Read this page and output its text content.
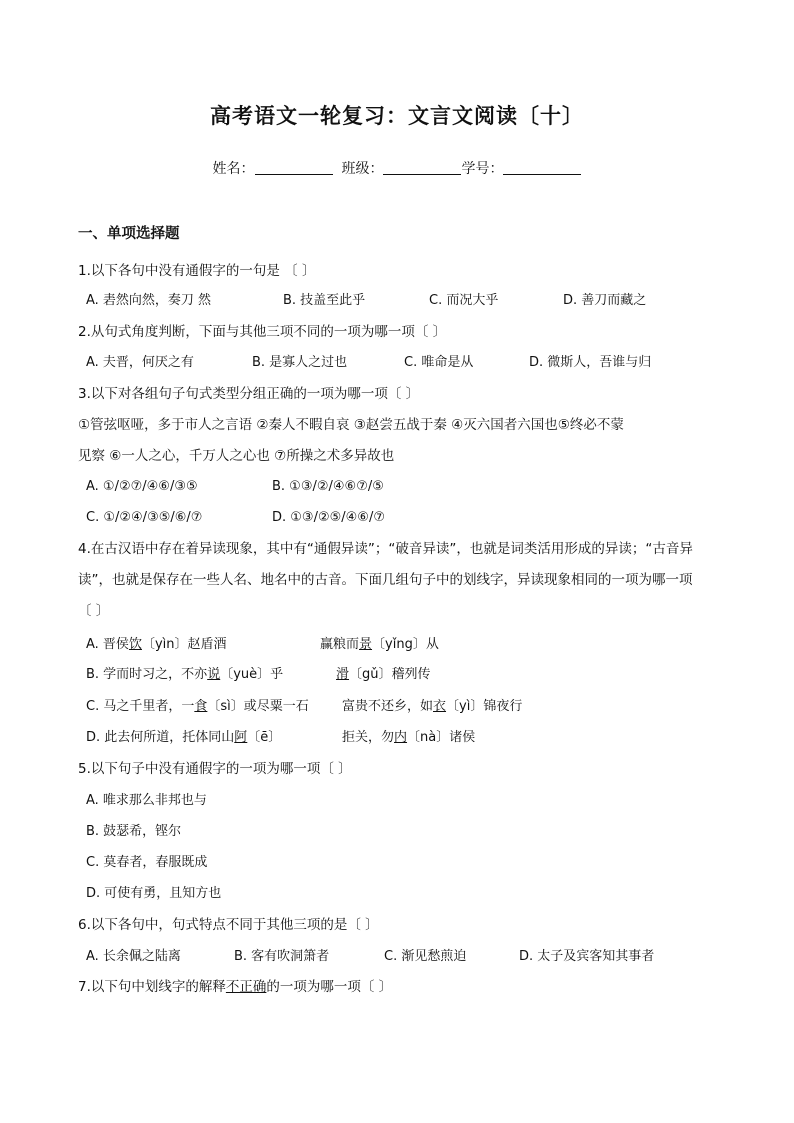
高考语文一轮复习：文言文阅读〔十〕
姓名：	班级：	学号：
一、单项选择题
1.以下各句中没有通假字的一句是 〔 〕
A. 砉然向然，奏刀 然	B. 技盖至此乎	C. 而况大乎	D. 善刀而藏之
2.从句式角度判断，下面与其他三项不同的一项为哪一项〔 〕
A. 夫晋，何厌之有	B. 是寡人之过也	C. 唯命是从	D. 微斯人，吾谁与归
3.以下对各组句子句式类型分组正确的一项为哪一项〔 〕
①管弦呕哑，多于市人之言语 ②秦人不暇自哀 ③赵尝五战于秦 ④灭六国者六国也⑤终必不蒙
见察 ⑥一人之心，千万人之心也 ⑦所操之术多异故也
A. ①/②⑦/④⑥/③⑤	B. ①③/②/④⑥⑦/⑤
C. ①/②④/③⑤/⑥/⑦	D. ①③/②⑤/④⑥/⑦
4.在古汉语中存在着异读现象，其中有“通假异读”；“破音异读”，也就是词类活用形成的异读；“古音异
读”，也就是保存在一些人名、地名中的古音。下面几组句子中的划线字，异读现象相同的一项为哪一项
〔 〕
A. 晋侯饮〔yìn〕赵盾酒	赢粮而景〔yǐng〕从
B. 学而时习之，不亦说〔yuè〕乎	滑〔gǔ〕稽列传
C. 马之千里者，一食〔sì〕或尽粟一石	富贵不还乡，如衣〔yì〕锦夜行
D. 此去何所道，托体同山阿〔ē〕	拒关，勿内〔nà〕诸侯
5.以下句子中没有通假字的一项为哪一项〔 〕
A. 唯求那么非邦也与
B. 鼓瑟希，铿尔
C. 莫春者，春服既成
D. 可使有勇，且知方也
6.以下各句中，句式特点不同于其他三项的是〔 〕
A. 长余佩之陆离	B. 客有吹洞箫者	C. 渐见愁煎迫	D. 太子及宾客知其事者
7.以下句中划线字的解释不正确的一项为哪一项〔 〕
